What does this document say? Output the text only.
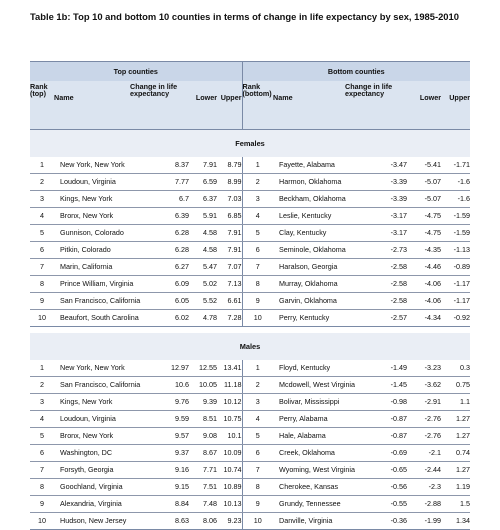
Table 1b: Top 10 and bottom 10 counties in terms of change in life expectancy by sex, 1985-2010
Top counties					Bottom counties				
Rank (top)	Name	Change in life expectancy	Lower	Upper	Rank (bottom)	Name	Change in life expectancy	Lower	Upper
Females									
1	New York, New York	8.37	7.91	8.79	1	Fayette, Alabama	-3.47	-5.41	-1.71
2	Loudoun, Virginia	7.77	6.59	8.99	2	Harmon, Oklahoma	-3.39	-5.07	-1.6
3	Kings, New York	6.7	6.37	7.03	3	Beckham, Oklahoma	-3.39	-5.07	-1.6
4	Bronx, New York	6.39	5.91	6.85	4	Leslie, Kentucky	-3.17	-4.75	-1.59
5	Gunnison, Colorado	6.28	4.58	7.91	5	Clay, Kentucky	-3.17	-4.75	-1.59
6	Pitkin, Colorado	6.28	4.58	7.91	6	Seminole, Oklahoma	-2.73	-4.35	-1.13
7	Marin, California	6.27	5.47	7.07	7	Haralson, Georgia	-2.58	-4.46	-0.89
8	Prince William, Virginia	6.09	5.02	7.13	8	Murray, Oklahoma	-2.58	-4.06	-1.17
9	San Francisco, California	6.05	5.52	6.61	9	Garvin, Oklahoma	-2.58	-4.06	-1.17
10	Beaufort, South Carolina	6.02	4.78	7.28	10	Perry, Kentucky	-2.57	-4.34	-0.92

Males									
1	New York, New York	12.97	12.55	13.41	1	Floyd, Kentucky	-1.49	-3.23	0.3
2	San Francisco, California	10.6	10.05	11.18	2	Mcdowell, West Virginia	-1.45	-3.62	0.75
3	Kings, New York	9.76	9.39	10.12	3	Bolivar, Mississippi	-0.98	-2.91	1.1
4	Loudoun, Virginia	9.59	8.51	10.75	4	Perry, Alabama	-0.87	-2.76	1.27
5	Bronx, New York	9.57	9.08	10.1	5	Hale, Alabama	-0.87	-2.76	1.27
6	Washington, DC	9.37	8.67	10.09	6	Creek, Oklahoma	-0.69	-2.1	0.74
7	Forsyth, Georgia	9.16	7.71	10.74	7	Wyoming, West Virginia	-0.65	-2.44	1.27
8	Goochland, Virginia	9.15	7.51	10.89	8	Cherokee, Kansas	-0.56	-2.3	1.19
9	Alexandria, Virginia	8.84	7.48	10.13	9	Grundy, Tennessee	-0.55	-2.88	1.5
10	Hudson, New Jersey	8.63	8.06	9.23	10	Danville, Virginia	-0.36	-1.99	1.34
